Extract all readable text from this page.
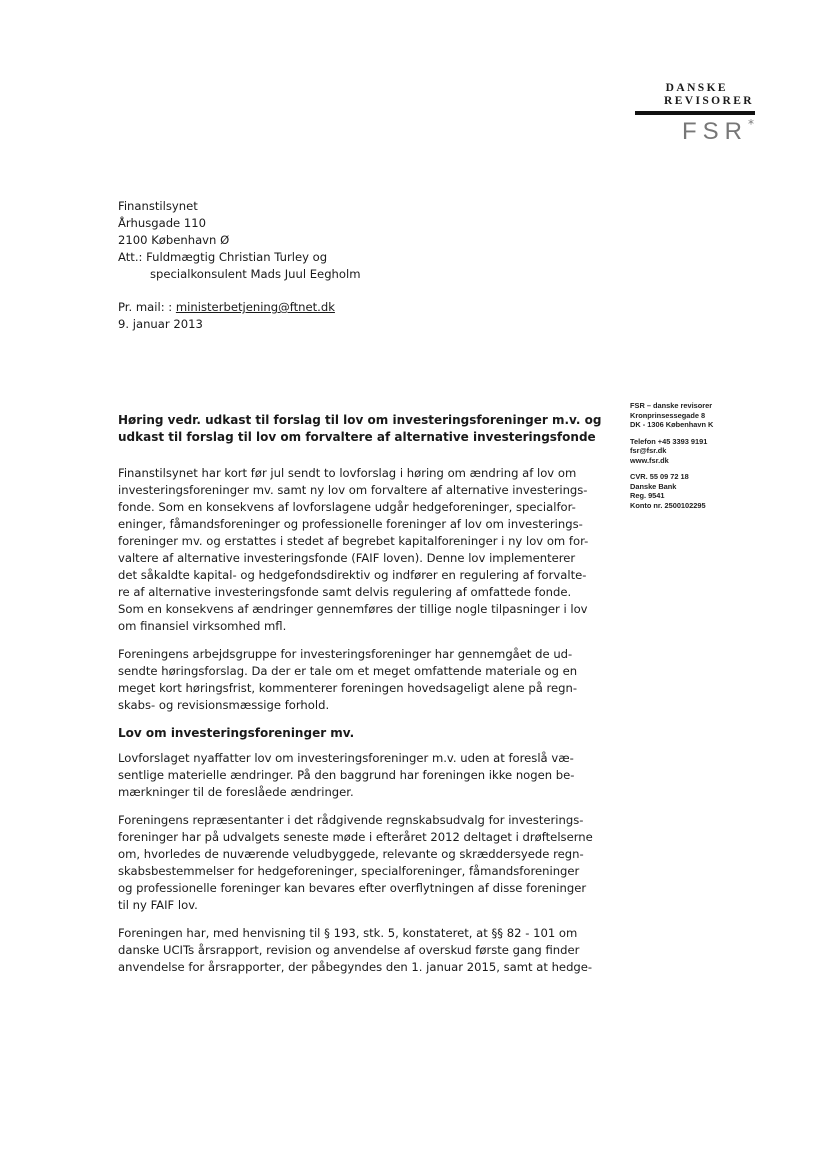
DANSKE
REVISORER
FSR *
Finanstilsynet
Århusgade 110
2100 København Ø
Att.: Fuldmægtig Christian Turley og
specialkonsulent Mads Juul Eegholm
Pr. mail: : ministerbetjening@ftnet.dk
9. januar 2013
FSR – danske revisorer
Kronprinsessegade 8
DK - 1306 København K
Telefon +45 3393 9191
fsr@fsr.dk
www.fsr.dk
CVR. 55 09 72 18
Danske Bank
Reg. 9541
Konto nr. 2500102295
Høring vedr. udkast til forslag til lov om investeringsforeninger m.v. og
udkast til forslag til lov om forvaltere af alternative investeringsfonde
Finanstilsynet har kort før jul sendt to lovforslag i høring om ændring af lov om
investeringsforeninger mv. samt ny lov om forvaltere af alternative investerings-
fonde. Som en konsekvens af lovforslagene udgår hedgeforeninger, specialfor-
eninger, fåmandsforeninger og professionelle foreninger af lov om investerings-
foreninger mv. og erstattes i stedet af begrebet kapitalforeninger i ny lov om for-
valtere af alternative investeringsfonde (FAIF loven). Denne lov implementerer
det såkaldte kapital- og hedgefondsdirektiv og indfører en regulering af forvalte-
re af alternative investeringsfonde samt delvis regulering af omfattede fonde.
Som en konsekvens af ændringer gennemføres der tillige nogle tilpasninger i lov
om finansiel virksomhed mfl.
Foreningens arbejdsgruppe for investeringsforeninger har gennemgået de ud-
sendte høringsforslag. Da der er tale om et meget omfattende materiale og en
meget kort høringsfrist, kommenterer foreningen hovedsageligt alene på regn-
skabs- og revisionsmæssige forhold.
Lov om investeringsforeninger mv.
Lovforslaget nyaffatter lov om investeringsforeninger m.v. uden at foreslå væ-
sentlige materielle ændringer. På den baggrund har foreningen ikke nogen be-
mærkninger til de foreslåede ændringer.
Foreningens repræsentanter i det rådgivende regnskabsudvalg for investerings-
foreninger har på udvalgets seneste møde i efteråret 2012 deltaget i drøftelserne
om, hvorledes de nuværende veludbyggede, relevante og skræddersyede regn-
skabsbestemmelser for hedgeforeninger, specialforeninger, fåmandsforeninger
og professionelle foreninger kan bevares efter overflytningen af disse foreninger
til ny FAIF lov.
Foreningen har, med henvisning til § 193, stk. 5, konstateret, at §§ 82 - 101 om
danske UCITs årsrapport, revision og anvendelse af overskud første gang finder
anvendelse for årsrapporter, der påbegyndes den 1. januar 2015, samt at hedge-
